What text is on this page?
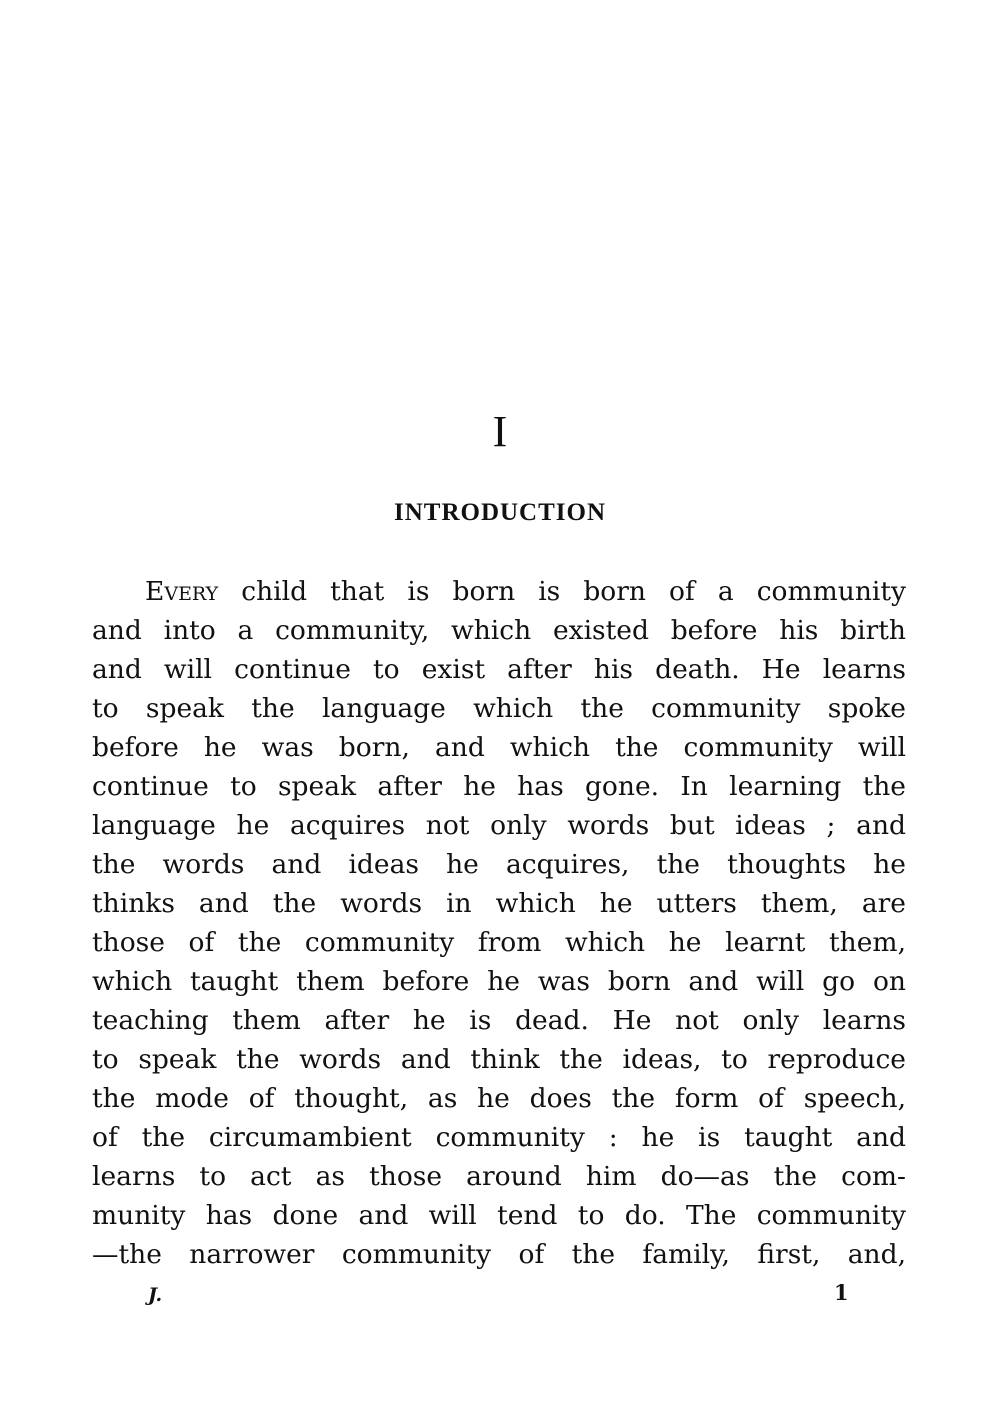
I
INTRODUCTION
Every child that is born is born of a community
and into a community, which existed before his birth
and will continue to exist after his death. He learns
to speak the language which the community spoke
before he was born, and which the community will
continue to speak after he has gone. In learning the
language he acquires not only words but ideas ; and
the words and ideas he acquires, the thoughts he
thinks and the words in which he utters them, are
those of the community from which he learnt them,
which taught them before he was born and will go on
teaching them after he is dead. He not only learns
to speak the words and think the ideas, to reproduce
the mode of thought, as he does the form of speech,
of the circumambient community : he is taught and
learns to act as those around him do—as the com-
munity has done and will tend to do. The community
—the narrower community of the family, first, and,
J.	1
